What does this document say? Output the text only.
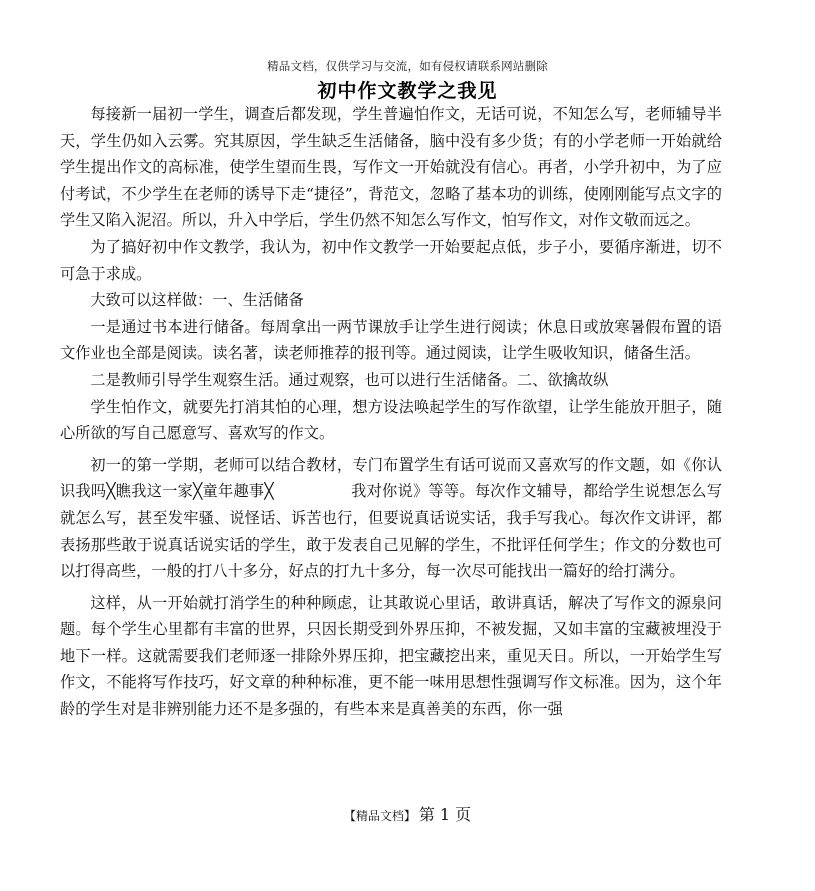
精品文档，仅供学习与交流，如有侵权请联系网站删除
初中作文教学之我见

每接新一届初一学生，调查后都发现，学生普遍怕作文，无话可说，不知怎么写，老师辅导半天，学生仍如入云雾。究其原因，学生缺乏生活储备，脑中没有多少货；有的小学老师一开始就给学生提出作文的高标准，使学生望而生畏，写作文一开始就没有信心。再者，小学升初中，为了应付考试，不少学生在老师的诱导下走“捷径”，背范文，忽略了基本功的训练，使刚刚能写点文字的学生又陷入泥沼。所以，升入中学后，学生仍然不知怎么写作文，怕写作文，对作文敬而远之。

为了搞好初中作文教学，我认为，初中作文教学一开始要起点低，步子小，要循序渐进，切不可急于求成。

大致可以这样做：一、生活储备

一是通过书本进行储备。每周拿出一两节课放手让学生进行阅读；休息日或放寒暑假布置的语文作业也全部是阅读。读名著，读老师推荐的报刊等。通过阅读，让学生吸收知识，储备生活。

二是教师引导学生观察生活。通过观察，也可以进行生活储备。二、欲擒故纵

学生怕作文，就要先打消其怕的心理，想方设法唤起学生的写作欲望，让学生能放开胆子，随心所欲的写自己愿意写、喜欢写的作文。

初一的第一学期，老师可以结合教材，专门布置学生有话可说而又喜欢写的作文题，如《你认识我吗╳瞧我这一家╳童年趣事╳　　　　　我对你说》等等。每次作文辅导，都给学生说想怎么写就怎么写，甚至发牢骚、说怪话、诉苦也行，但要说真话说实话，我手写我心。每次作文讲评，都表扬那些敢于说真话说实话的学生，敢于发表自己见解的学生，不批评任何学生；作文的分数也可以打得高些，一般的打八十多分，好点的打九十多分，每一次尽可能找出一篇好的给打满分。

这样，从一开始就打消学生的种种顾虑，让其敢说心里话，敢讲真话，解决了写作文的源泉问题。每个学生心里都有丰富的世界，只因长期受到外界压抑，不被发掘，又如丰富的宝藏被埋没于地下一样。这就需要我们老师逐一排除外界压抑，把宝藏挖出来，重见天日。所以，一开始学生写作文，不能将写作技巧，好文章的种种标准，更不能一味用思想性强调写作文标准。因为，这个年龄的学生对是非辨别能力还不是多强的，有些本来是真善美的东西，你一强

【精品文档】 第 1 页
